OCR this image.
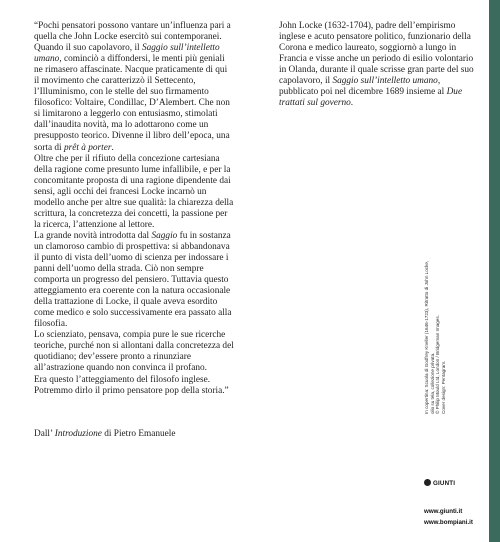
“Pochi pensatori possono vantare un’influenza pari a quella che John Locke esercitò sui contemporanei. Quando il suo capolavoro, il Saggio sull’intelletto umano, cominciò a diffondersi, le menti più geniali ne rimasero affascinate. Nacque praticamente di qui il movimento che caratterizzò il Settecento, l’Illuminismo, con le stelle del suo firmamento filosofico: Voltaire, Condillac, D’Alembert. Che non si limitarono a leggerlo con entusiasmo, stimolati dall’inaudita novità, ma lo adottarono come un presupposto teorico. Divenne il libro dell’epoca, una sorta di prêt à porter.

Oltre che per il rifiuto della concezione cartesiana della ragione come presunto lume infallibile, e per la concomitante proposta di una ragione dipendente dai sensi, agli occhi dei francesi Locke incarnò un modello anche per altre sue qualità: la chiarezza della scrittura, la concretezza dei concetti, la passione per la ricerca, l’attenzione al lettore.

La grande novità introdotta dal Saggio fu in sostanza un clamoroso cambio di prospettiva: si abbandonava il punto di vista dell’uomo di scienza per indossare i panni dell’uomo della strada. Ciò non sempre comporta un progresso del pensiero. Tuttavia questo atteggiamento era coerente con la natura occasionale della trattazione di Locke, il quale aveva esordito come medico e solo successivamente era passato alla filosofia.

Lo scienziato, pensava, compia pure le sue ricerche teoriche, purché non si allontani dalla concretezza del quotidiano; dev’essere pronto a rinunziare all’astrazione quando non convinca il profano.

Era questo l’atteggiamento del filosofo inglese. Potremmo dirlo il primo pensatore pop della storia.”

Dall’ Introduzione di Pietro Emanuele

John Locke (1632-1704), padre dell’empirismo inglese e acuto pensatore politico, funzionario della Corona e medico laureato, soggiornò a lungo in Francia e visse anche un periodo di esilio volontario in Olanda, durante il quale scrisse gran parte del suo capolavoro, il Saggio sull’intelletto umano, pubblicato poi nel dicembre 1689 insieme al Due trattati sul governo.

In copertina: Scuola di Godfrey Kneller (1646-1723), Ritratto di John Locke, olio su tela, collezione privata. © Philip Mould Ltd, London / Bridgeman Images. Cover design: Pentagram.
GIUNTI
www.giunti.it
www.bompiani.it
